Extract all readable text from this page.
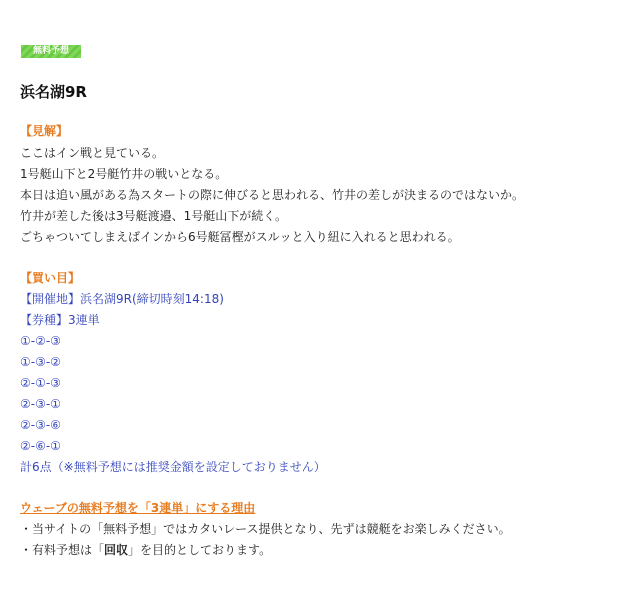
無料予想
浜名湖9R
【見解】
ここはイン戦と見ている。
1号艇山下と2号艇竹井の戦いとなる。
本日は追い風がある為スタートの際に伸びると思われる、竹井の差しが決まるのではないか。
竹井が差した後は3号艇渡邉、1号艇山下が続く。
ごちゃついてしまえばインから6号艇冨樫がスルッと入り紐に入れると思われる。
【買い目】
【開催地】浜名湖9R(締切時刻14:18)
【券種】3連単
①-②-③
①-③-②
②-①-③
②-③-①
②-③-⑥
②-⑥-①
計6点（※無料予想には推奨金額を設定しておりません）
ウェーブの無料予想を「3連単」にする理由
・当サイトの「無料予想」ではカタいレース提供となり、先ずは競艇をお楽しみください。
・有料予想は「回収」を目的としております。
